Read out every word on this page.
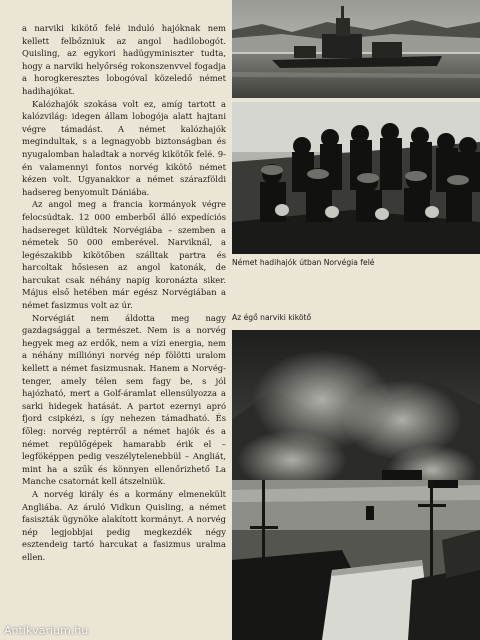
a narviki kikötő felé induló hajóknak nem kellett felbőzniuk az angol hadilobogót. Quisling, az egykori hadügyminiszter tudta, hogy a narviki helyőrség rokonszenvvel fogadja a horogkeresztes lobogóval közeledő német hadihajókat.

Kalózhajók szokása volt ez, amíg tartott a kalózvilág: idegen állam lobogója alatt hajtani végre támadást. A német kalózhajók megindultak, s a legnagyobb biztonságban és nyugalomban haladtak a norvég kikötők felé. 9-én valamennyi fontos norvég kikötő német kézen volt. Ugyanakkor a német szárazföldi hadsereg benyomult Dániába.

Az angol meg a francia kormányok végre felocsúdtak. 12 000 emberből álló expedíciós hadsereget küldtek Norvégiába – szemben a németek 50 000 emberével. Narviknál, a legészakibb kikötőben szálltak partra és harcoltak hősiesen az angol katonák, de harcukat csak néhány napig koronázta siker. Május első hetében már egész Norvégiában a német fasizmus volt az úr.

Norvégiát nem áldotta meg nagy gazdagsággal a természet. Nem is a norvég hegyek meg az erdők, nem a vízi energia, nem a néhány milliónyi norvég nép fölötti uralom kellett a német fasizmusnak. Hanem a Norvég-tenger, amely télen sem fagy be, s jól hajózható, mert a Golf-áramlat ellensúlyozza a sarki hidegek hatását. A partot ezernyi apró fjord csipkézi, s így nehezen támadható. És főleg: norvég reptérről a német hajók és a német repülőgépek hamarabb érik el – legföképpen pedig veszélytelenebbül – Angliát, mint ha a szűk és könnyen ellenőrizhető La Manche csatornát kell átszelniük.

A norvég király és a kormány elmenekült Angliába. Az áruló Vidkun Quisling, a német fasiszták ügynöke alakított kormányt. A norvég nép legjobbjai pedig megkezdék négy esztendeig tartó harcukat a fasizmus uralma ellen.

Német hadihajók útban Norvégia felé
Az égő narviki kikötő
Antikvarium.hu
